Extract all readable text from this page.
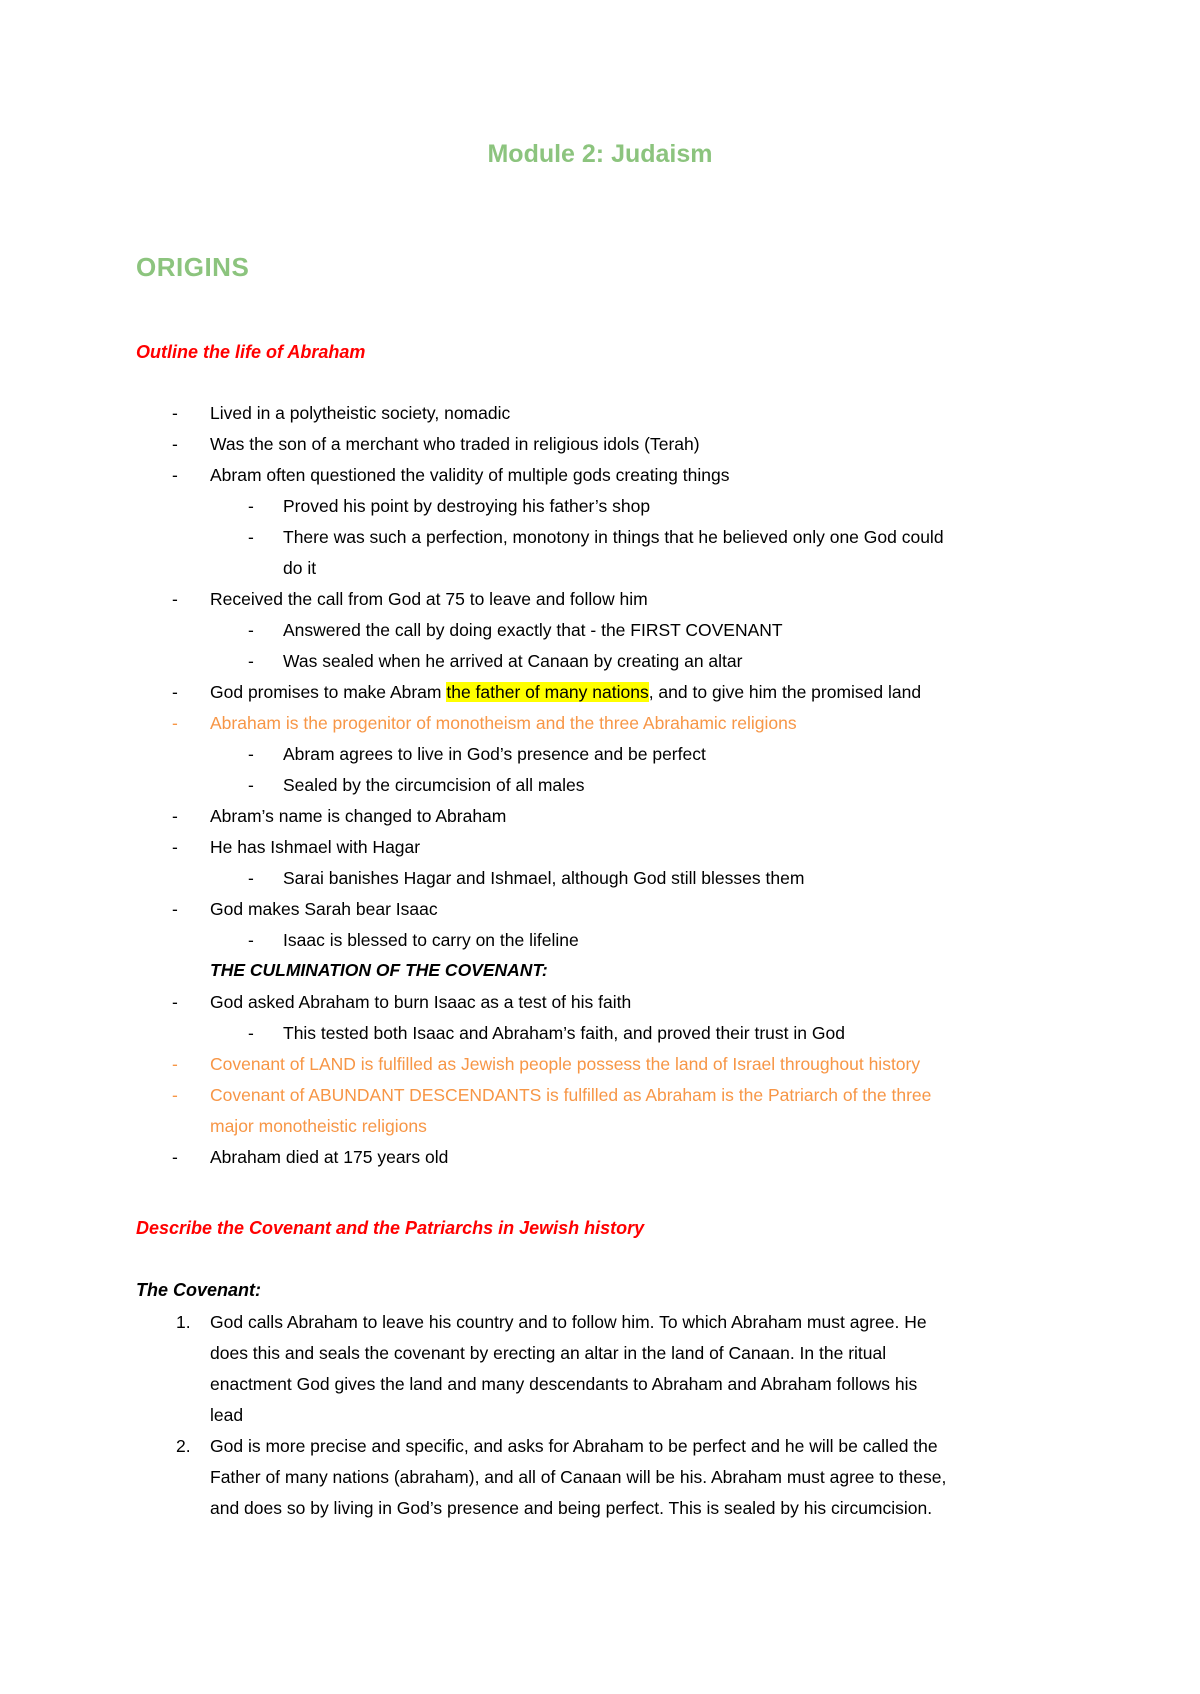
Module 2: Judaism
ORIGINS
Outline the life of Abraham
- Lived in a polytheistic society, nomadic
- Was the son of a merchant who traded in religious idols (Terah)
- Abram often questioned the validity of multiple gods creating things
- Proved his point by destroying his father’s shop
- There was such a perfection, monotony in things that he believed only one God could
do it
- Received the call from God at 75 to leave and follow him
- Answered the call by doing exactly that - the FIRST COVENANT
- Was sealed when he arrived at Canaan by creating an altar
- God promises to make Abram the father of many nations, and to give him the promised land
- Abraham is the progenitor of monotheism and the three Abrahamic religions
- Abram agrees to live in God’s presence and be perfect
- Sealed by the circumcision of all males
- Abram’s name is changed to Abraham
- He has Ishmael with Hagar
- Sarai banishes Hagar and Ishmael, although God still blesses them
- God makes Sarah bear Isaac
- Isaac is blessed to carry on the lifeline
THE CULMINATION OF THE COVENANT:
- God asked Abraham to burn Isaac as a test of his faith
- This tested both Isaac and Abraham’s faith, and proved their trust in God
- Covenant of LAND is fulfilled as Jewish people possess the land of Israel throughout history
- Covenant of ABUNDANT DESCENDANTS is fulfilled as Abraham is the Patriarch of the three
major monotheistic religions
- Abraham died at 175 years old
Describe the Covenant and the Patriarchs in Jewish history
The Covenant:
1. God calls Abraham to leave his country and to follow him. To which Abraham must agree. He
does this and seals the covenant by erecting an altar in the land of Canaan. In the ritual
enactment God gives the land and many descendants to Abraham and Abraham follows his
lead
2. God is more precise and specific, and asks for Abraham to be perfect and he will be called the
Father of many nations (abraham), and all of Canaan will be his. Abraham must agree to these,
and does so by living in God’s presence and being perfect. This is sealed by his circumcision.
